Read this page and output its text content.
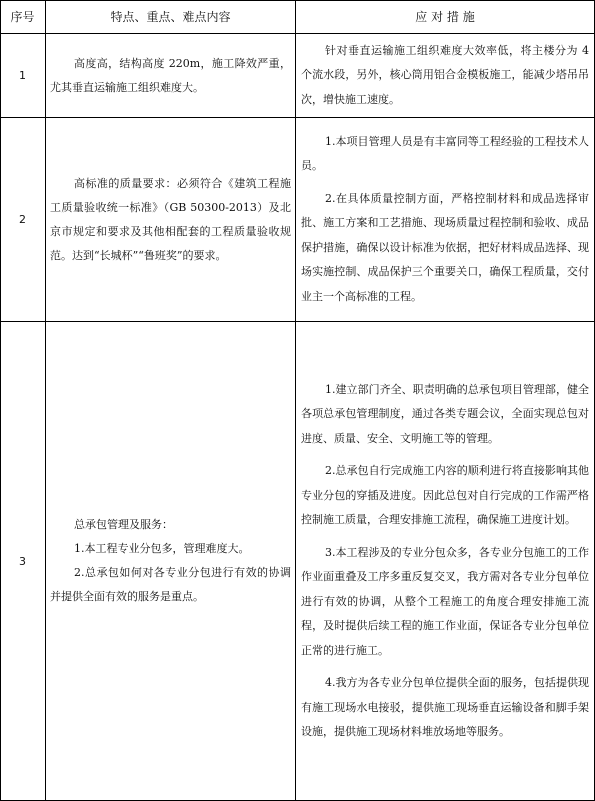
序号	特点、重点、难点内容	应 对 措 施
1

高度高，结构高度 220m，施工降效严重，尤其垂直运输施工组织难度大。

针对垂直运输施工组织难度大效率低，将主楼分为 4 个流水段，另外，核心筒用铝合金模板施工，能减少塔吊吊次，增快施工速度。

2

高标准的质量要求：必须符合《建筑工程施工质量验收统一标准》（GB 50300-2013）及北京市规定和要求及其他相配套的工程质量验收规范。达到“长城杯”“鲁班奖”的要求。

1.本项目管理人员是有丰富同等工程经验的工程技术人员。

2.在具体质量控制方面，严格控制材料和成品选择审批、施工方案和工艺措施、现场质量过程控制和验收、成品保护措施，确保以设计标准为依据，把好材料成品选择、现场实施控制、成品保护三个重要关口，确保工程质量，交付业主一个高标准的工程。

3

总承包管理及服务：

1.本工程专业分包多，管理难度大。

2.总承包如何对各专业分包进行有效的协调并提供全面有效的服务是重点。

1.建立部门齐全、职责明确的总承包项目管理部，健全各项总承包管理制度，通过各类专题会议，全面实现总包对进度、质量、安全、文明施工等的管理。

2.总承包自行完成施工内容的顺利进行将直接影响其他专业分包的穿插及进度。因此总包对自行完成的工作需严格控制施工质量，合理安排施工流程，确保施工进度计划。

3.本工程涉及的专业分包众多，各专业分包施工的工作作业面重叠及工序多重反复交叉，我方需对各专业分包单位进行有效的协调，从整个工程施工的角度合理安排施工流程，及时提供后续工程的施工作业面，保证各专业分包单位正常的进行施工。

4.我方为各专业分包单位提供全面的服务，包括提供现有施工现场水电接驳，提供施工现场垂直运输设备和脚手架设施，提供施工现场材料堆放场地等服务。
